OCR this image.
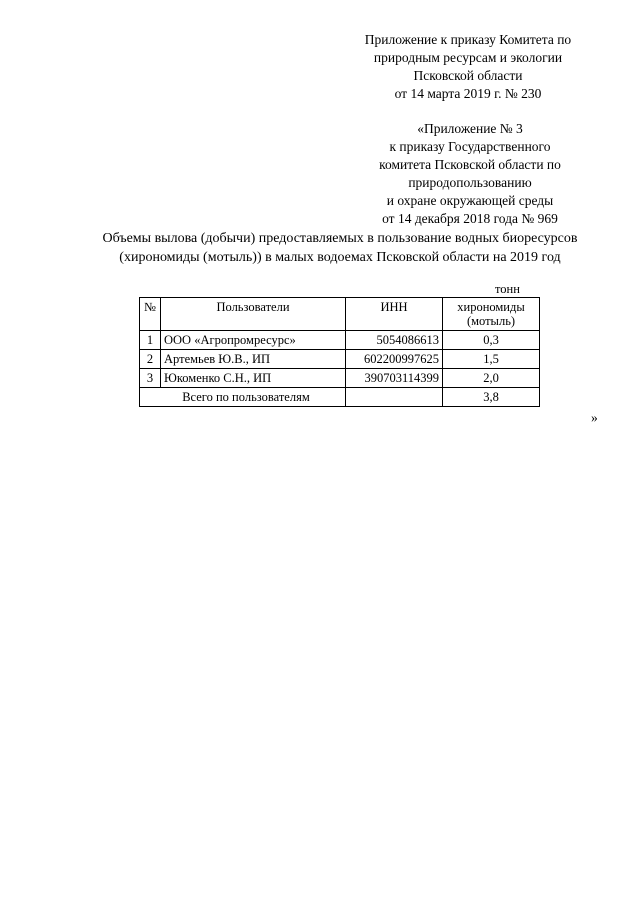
Приложение к приказу Комитета по
природным ресурсам и экологии
Псковской области
от 14 марта 2019 г. № 230
«Приложение № 3
к приказу Государственного
комитета Псковской области по
природопользованию
и охране окружающей среды
от 14 декабря 2018 года № 969
Объемы вылова (добычи) предоставляемых в пользование водных биоресурсов
(хирономиды (мотыль)) в малых водоемах Псковской области на 2019 год
тонн
№	Пользователи	ИНН	хирономиды
(мотыль)

1	ООО «Агропромресурс»	5054086613	0,3
2	Артемьев Ю.В., ИП	602200997625	1,5
3	Юкоменко С.Н., ИП	390703114399	2,0
Всего по пользователям			3,8
»
